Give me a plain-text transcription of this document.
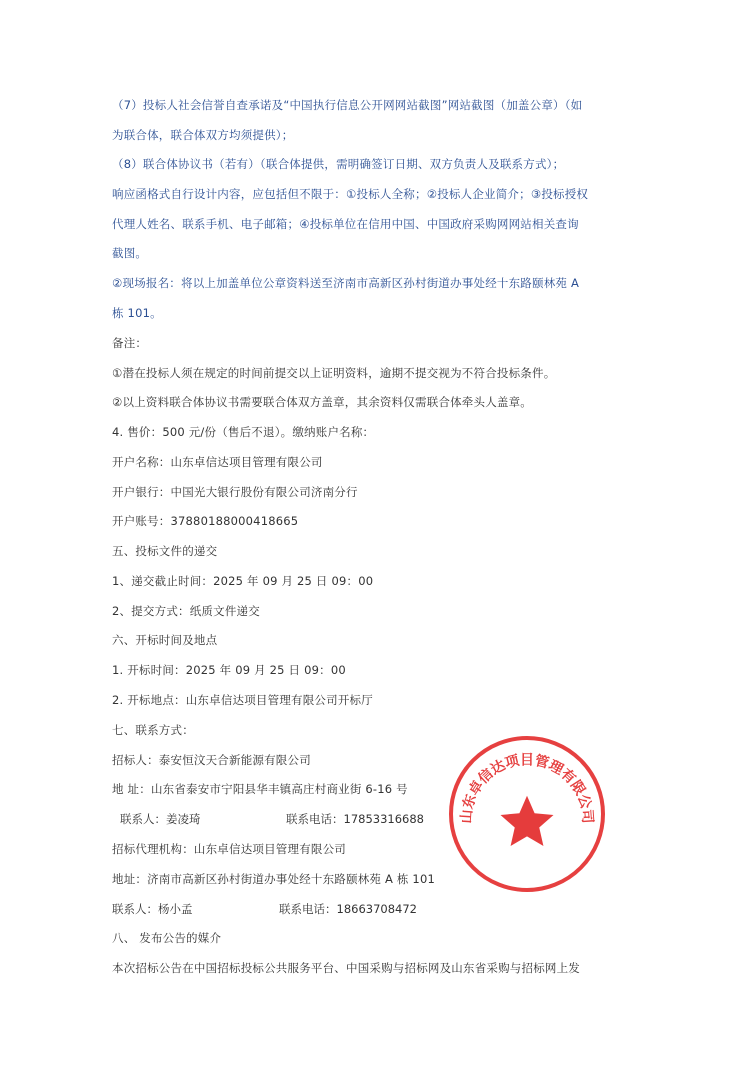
（7）投标人社会信誉自查承诺及“中国执行信息公开网网站截图”网站截图（加盖公章）（如
为联合体，联合体双方均须提供）；
（8）联合体协议书（若有）（联合体提供，需明确签订日期、双方负责人及联系方式）；
响应函格式自行设计内容，应包括但不限于：①投标人全称；②投标人企业简介；③投标授权
代理人姓名、联系手机、电子邮箱；④投标单位在信用中国、中国政府采购网网站相关查询
截图。
②现场报名：将以上加盖单位公章资料送至济南市高新区孙村街道办事处经十东路颐林苑 A
栋 101。
备注：
①潜在投标人须在规定的时间前提交以上证明资料，逾期不提交视为不符合投标条件。
②以上资料联合体协议书需要联合体双方盖章，其余资料仅需联合体牵头人盖章。
4. 售价：500 元/份（售后不退）。缴纳账户名称：
开户名称：山东卓信达项目管理有限公司
开户银行：中国光大银行股份有限公司济南分行
开户账号：37880188000418665
五、投标文件的递交
1、递交截止时间：2025 年 09 月 25 日 09：00
2、提交方式：纸质文件递交
六、开标时间及地点
1. 开标时间：2025 年 09 月 25 日 09：00
2. 开标地点：山东卓信达项目管理有限公司开标厅
七、联系方式：
招标人：泰安恒汶天合新能源有限公司
地 址：山东省泰安市宁阳县华丰镇高庄村商业街 6-16 号
联系人：姜凌琦	联系电话：17853316688
招标代理机构：山东卓信达项目管理有限公司
地址：济南市高新区孙村街道办事处经十东路颐林苑 A 栋 101
联系人：杨小孟	联系电话：18663708472
八、 发布公告的媒介
本次招标公告在中国招标投标公共服务平台、中国采购与招标网及山东省采购与招标网上发
山东卓信达项目管理有限公司
